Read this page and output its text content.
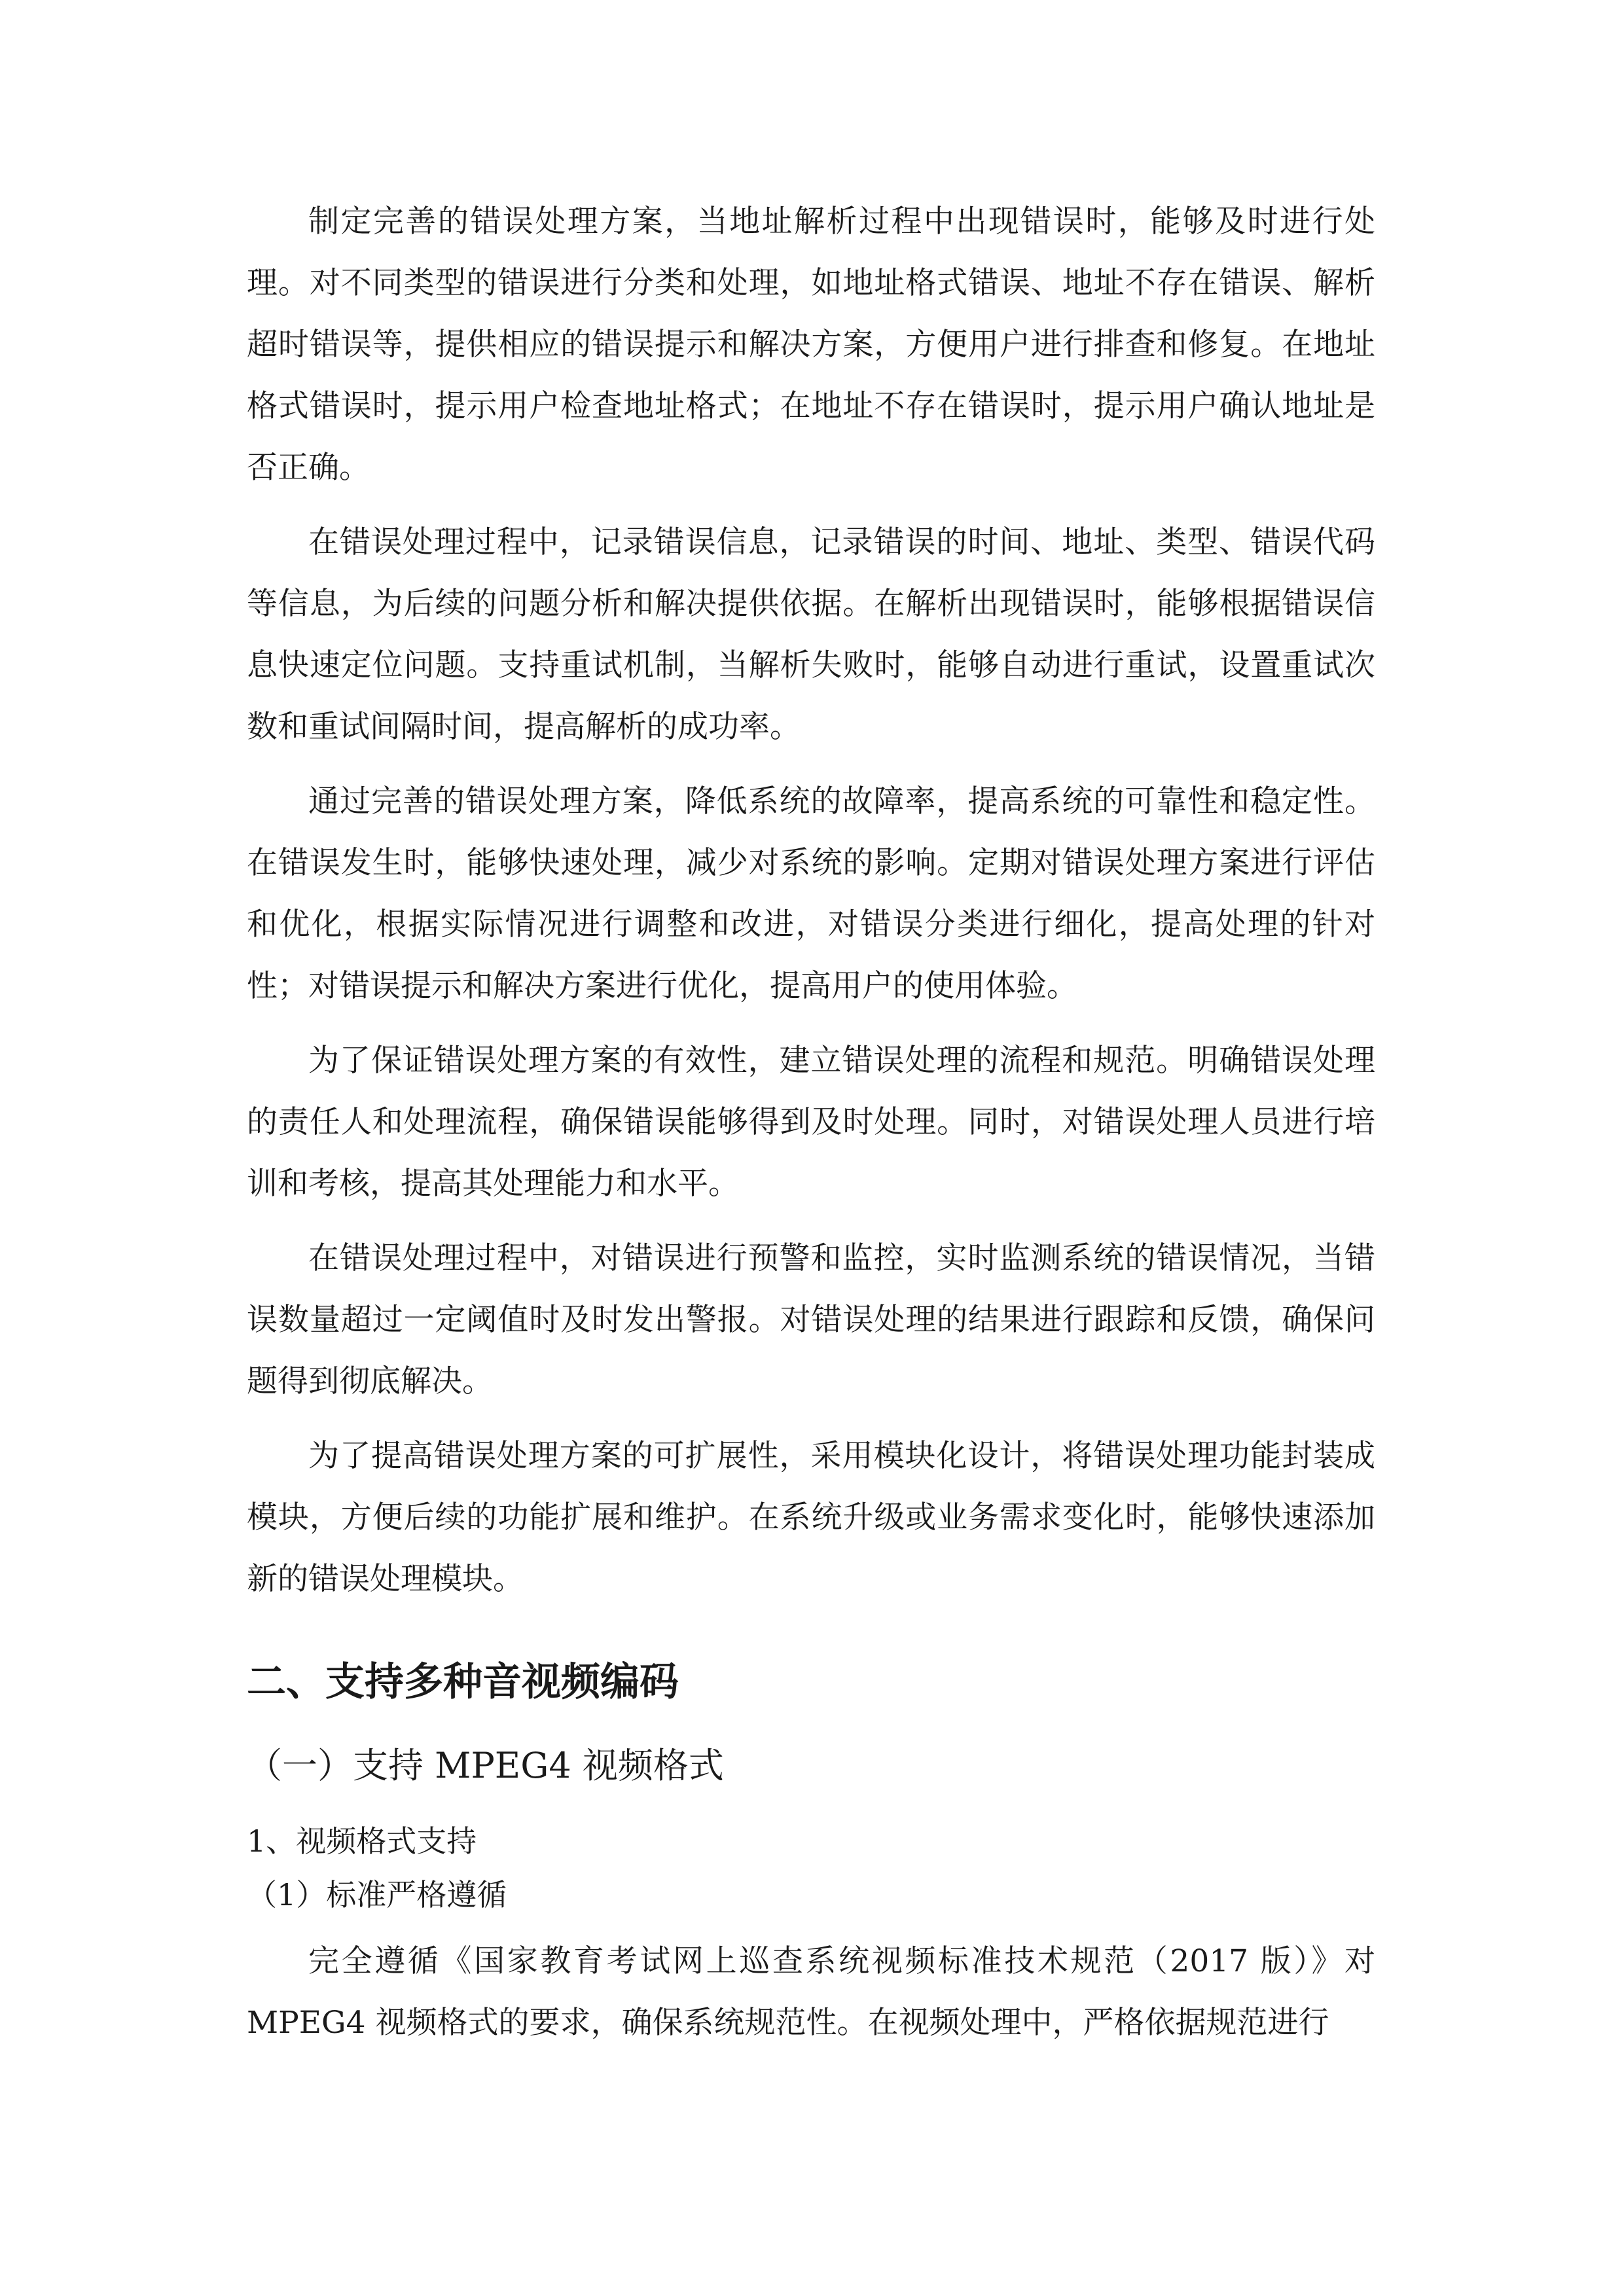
制定完善的错误处理方案，当地址解析过程中出现错误时，能够及时进行处理。对不同类型的错误进行分类和处理，如地址格式错误、地址不存在错误、解析超时错误等，提供相应的错误提示和解决方案，方便用户进行排查和修复。在地址格式错误时，提示用户检查地址格式；在地址不存在错误时，提示用户确认地址是否正确。

在错误处理过程中，记录错误信息，记录错误的时间、地址、类型、错误代码等信息，为后续的问题分析和解决提供依据。在解析出现错误时，能够根据错误信息快速定位问题。支持重试机制，当解析失败时，能够自动进行重试，设置重试次数和重试间隔时间，提高解析的成功率。

通过完善的错误处理方案，降低系统的故障率，提高系统的可靠性和稳定性。在错误发生时，能够快速处理，减少对系统的影响。定期对错误处理方案进行评估和优化，根据实际情况进行调整和改进，对错误分类进行细化，提高处理的针对性；对错误提示和解决方案进行优化，提高用户的使用体验。

为了保证错误处理方案的有效性，建立错误处理的流程和规范。明确错误处理的责任人和处理流程，确保错误能够得到及时处理。同时，对错误处理人员进行培训和考核，提高其处理能力和水平。

在错误处理过程中，对错误进行预警和监控，实时监测系统的错误情况，当错误数量超过一定阈值时及时发出警报。对错误处理的结果进行跟踪和反馈，确保问题得到彻底解决。

为了提高错误处理方案的可扩展性，采用模块化设计，将错误处理功能封装成模块，方便后续的功能扩展和维护。在系统升级或业务需求变化时，能够快速添加新的错误处理模块。

二、支持多种音视频编码
（一）支持 MPEG4 视频格式
1、视频格式支持
（1）标准严格遵循

完全遵循《国家教育考试网上巡查系统视频标准技术规范（2017 版）》对 MPEG4 视频格式的要求，确保系统规范性。在视频处理中，严格依据规范进行
